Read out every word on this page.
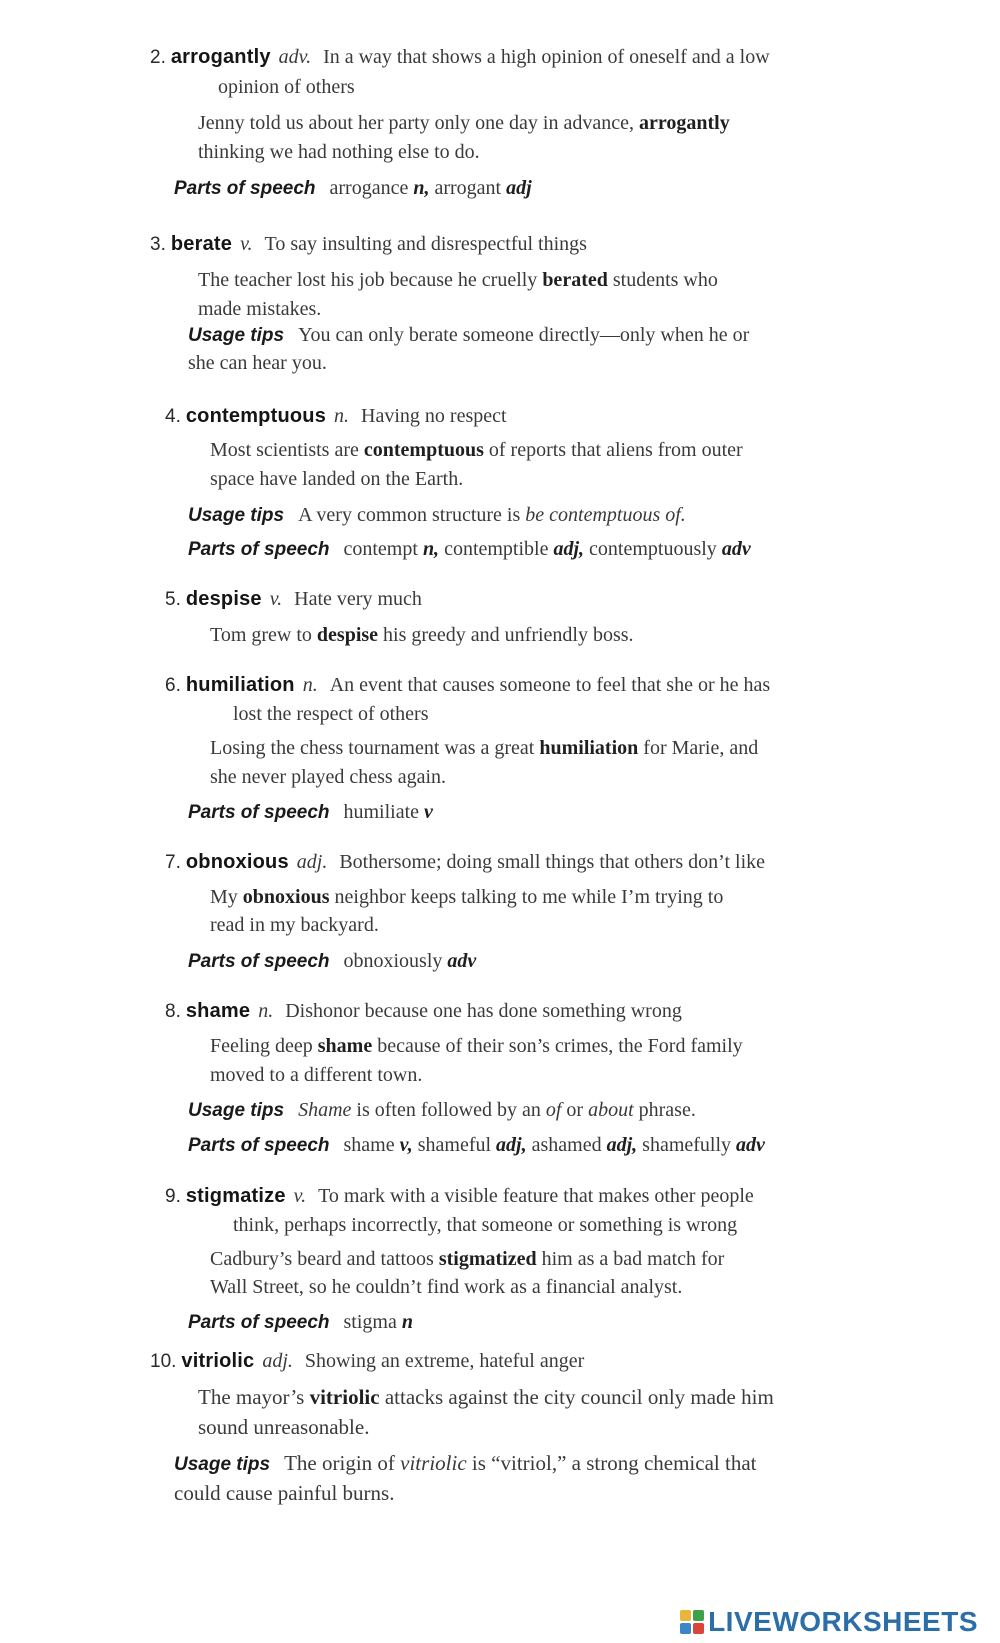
2. arrogantly adv. In a way that shows a high opinion of oneself and a low
opinion of others
Jenny told us about her party only one day in advance, arrogantly
thinking we had nothing else to do.
Parts of speech arrogance n, arrogant adj
3. berate v. To say insulting and disrespectful things
The teacher lost his job because he cruelly berated students who
made mistakes.
Usage tips You can only berate someone directly—only when he or
she can hear you.
4. contemptuous n. Having no respect
Most scientists are contemptuous of reports that aliens from outer
space have landed on the Earth.
Usage tips A very common structure is be contemptuous of.
Parts of speech contempt n, contemptible adj, contemptuously adv
5. despise v. Hate very much
Tom grew to despise his greedy and unfriendly boss.
6. humiliation n. An event that causes someone to feel that she or he has
lost the respect of others
Losing the chess tournament was a great humiliation for Marie, and
she never played chess again.
Parts of speech humiliate v
7. obnoxious adj. Bothersome; doing small things that others don’t like
My obnoxious neighbor keeps talking to me while I’m trying to
read in my backyard.
Parts of speech obnoxiously adv
8. shame n. Dishonor because one has done something wrong
Feeling deep shame because of their son’s crimes, the Ford family
moved to a different town.
Usage tips Shame is often followed by an of or about phrase.
Parts of speech shame v, shameful adj, ashamed adj, shamefully adv
9. stigmatize v. To mark with a visible feature that makes other people
think, perhaps incorrectly, that someone or something is wrong
Cadbury’s beard and tattoos stigmatized him as a bad match for
Wall Street, so he couldn’t find work as a financial analyst.
Parts of speech stigma n
10. vitriolic adj. Showing an extreme, hateful anger
The mayor’s vitriolic attacks against the city council only made him
sound unreasonable.
Usage tips The origin of vitriolic is “vitriol,” a strong chemical that
could cause painful burns.
LIVEWORKSHEETS
